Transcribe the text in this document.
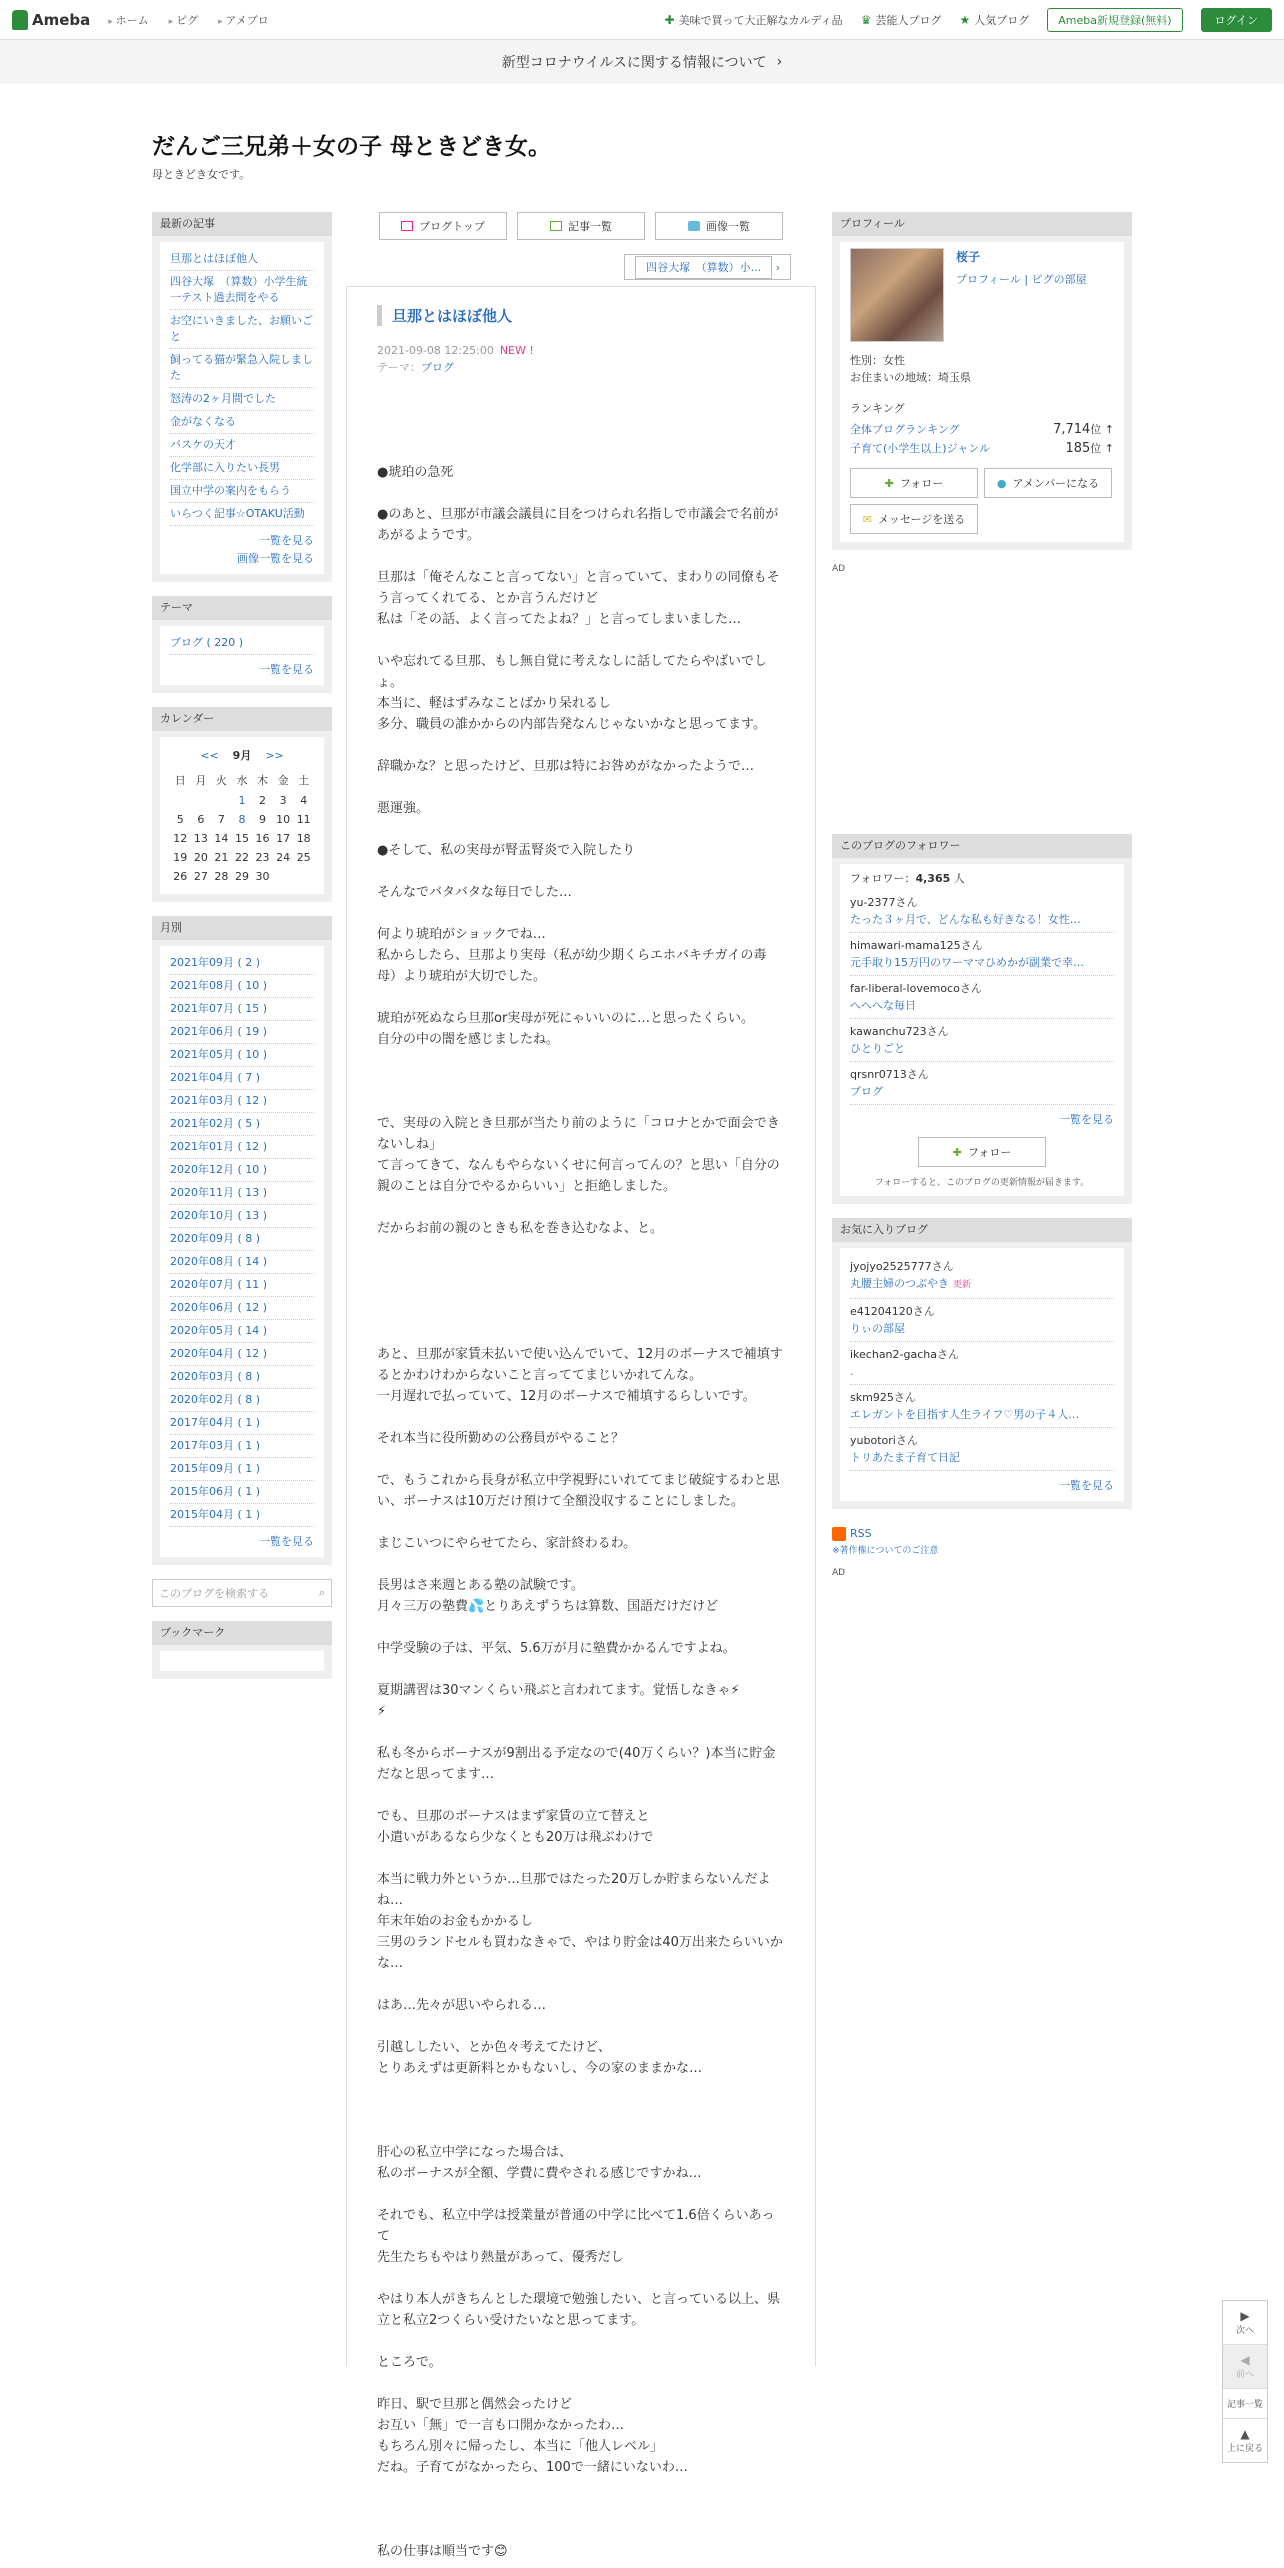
Ameba	▸ ホーム	▸ ピグ	▸ アメブロ	✚ 美味で買って大正解なカルディ品 ♛ 芸能人ブログ ★ 人気ブログ	Ameba新規登録(無料)	ログイン
新型コロナウイルスに関する情報について ›
だんご三兄弟＋女の子 母ときどき女。
母ときどき女です。
最新の記事
旦那とはほぼ他人
四谷大塚　（算数）小学生統一テスト過去問をやる
お空にいきました、お願いごと
飼ってる猫が緊急入院しました
怒涛の2ヶ月間でした
金がなくなる
バスケの天才
化学部に入りたい長男
国立中学の案内をもらう
いらつく記事☆OTAKU活動
一覧を見る
画像一覧を見る
テーマ
ブログ ( 220 )
一覧を見る
カレンダー
<< 9月 >>
日	月	火	水	木	金	土
			1	2	3	4
5	6	7	8	9	10	11
12	13	14	15	16	17	18
19	20	21	22	23	24	25
26	27	28	29	30		
月別
2021年09月 ( 2 )
2021年08月 ( 10 )
2021年07月 ( 15 )
2021年06月 ( 19 )
2021年05月 ( 10 )
2021年04月 ( 7 )
2021年03月 ( 12 )
2021年02月 ( 5 )
2021年01月 ( 12 )
2020年12月 ( 10 )
2020年11月 ( 13 )
2020年10月 ( 13 )
2020年09月 ( 8 )
2020年08月 ( 14 )
2020年07月 ( 11 )
2020年06月 ( 12 )
2020年05月 ( 14 )
2020年04月 ( 12 )
2020年03月 ( 8 )
2020年02月 ( 8 )
2017年04月 ( 1 )
2017年03月 ( 1 )
2015年09月 ( 1 )
2015年06月 ( 1 )
2015年04月 ( 1 )
一覧を見る
このブログを検索する	⌕
ブックマーク
ブログトップ	記事一覧	画像一覧
四谷大塚　（算数）小... ›
旦那とはほぼ他人
2021-09-08 12:25:00 NEW !
テーマ：ブログ

●琥珀の急死

●のあと、旦那が市議会議員に目をつけられ名指しで市議会で名前があがるようです。

旦那は「俺そんなこと言ってない」と言っていて、まわりの同僚もそう言ってくれてる、とか言うんだけど
私は「その話、よく言ってたよね？」と言ってしまいました…

いや忘れてる旦那、もし無自覚に考えなしに話してたらやばいでしょ。
本当に、軽はずみなことばかり呆れるし
多分、職員の誰かからの内部告発なんじゃないかなと思ってます。

辞職かな？と思ったけど、旦那は特にお咎めがなかったようで…

悪運強。

●そして、私の実母が腎盂腎炎で入院したり

そんなでバタバタな毎日でした…

何より琥珀がショックでね…
私からしたら、旦那より実母（私が幼少期くらエホバキチガイの毒母）より琥珀が大切でした。

琥珀が死ぬなら旦那or実母が死にゃいいのに…と思ったくらい。
自分の中の闇を感じましたね。

で、実母の入院とき旦那が当たり前のように「コロナとかで面会できないしね」
て言ってきて、なんもやらないくせに何言ってんの？と思い「自分の親のことは自分でやるからいい」と拒絶しました。

だからお前の親のときも私を巻き込むなよ、と。

あと、旦那が家賃未払いで使い込んでいて、12月のボーナスで補填するとかわけわからないこと言っててまじいかれてんな。
一月遅れで払っていて、12月のボーナスで補填するらしいです。

それ本当に役所勤めの公務員がやること？

で、もうこれから長身が私立中学視野にいれててまじ破綻するわと思い、ボーナスは10万だけ預けて全額没収することにしました。

まじこいつにやらせてたら、家計終わるわ。

長男はさ来週とある塾の試験です。
月々三万の塾費💦とりあえずうちは算数、国語だけだけど

中学受験の子は、平気、5.6万が月に塾費かかるんですよね。

夏期講習は30マンくらい飛ぶと言われてます。覚悟しなきゃ⚡
⚡

私も冬からボーナスが9割出る予定なので(40万くらい？)本当に貯金だなと思ってます…

でも、旦那のボーナスはまず家賃の立て替えと
小遣いがあるなら少なくとも20万は飛ぶわけで

本当に戦力外というか…旦那ではたった20万しか貯まらないんだよね…
年末年始のお金もかかるし
三男のランドセルも買わなきゃで、やはり貯金は40万出来たらいいかな…

はあ…先々が思いやられる…

引越ししたい、とか色々考えてたけど、
とりあえずは更新料とかもないし、今の家のままかな…

肝心の私立中学になった場合は、
私のボーナスが全額、学費に費やされる感じですかね…

それでも、私立中学は授業量が普通の中学に比べて1.6倍くらいあって
先生たちもやはり熱量があって、優秀だし

やはり本人がきちんとした環境で勉強したい、と言っている以上、県立と私立2つくらい受けたいなと思ってます。

ところで。

昨日、駅で旦那と偶然会ったけど
お互い「無」で一言も口開かなかったわ…
もちろん別々に帰ったし、本当に「他人レベル」
だね。子育てがなかったら、100で一緒にいないわ…

私の仕事は順当です😊

プロフィール
桜子
プロフィール | ピグの部屋
性別：女性
お住まいの地域：埼玉県
ランキング
全体ブログランキング	7,714位 ↑
子育て(小学生以上)ジャンル	185位 ↑
✚ フォロー	● アメンバーになる
✉ メッセージを送る
AD
このブログのフォロワー
フォロワー：4,365 人
yu-2377さん
たった３ヶ月で、どんな私も好きなる！女性…
himawari-mama125さん
元手取り15万円のワーママひめかが副業で幸…
far-liberal-lovemocoさん
へへへな毎日
kawanchu723さん
ひとりごと
qrsnr0713さん
ブログ
一覧を見る
✚ フォロー
フォローすると、このブログの更新情報が届きます。
お気に入りブログ
jyojyo2525777さん
丸腰主婦のつぶやき 更新
e41204120さん
りぃの部屋
ikechan2-gachaさん
.
skm925さん
エレガントを目指す人生ライフ♡男の子４人…
yubotoriさん
トリあたま子育て日記
一覧を見る
RSS
※著作権についてのご注意
AD
▶
次へ
◀
前へ
記事一覧
▲
上に戻る
